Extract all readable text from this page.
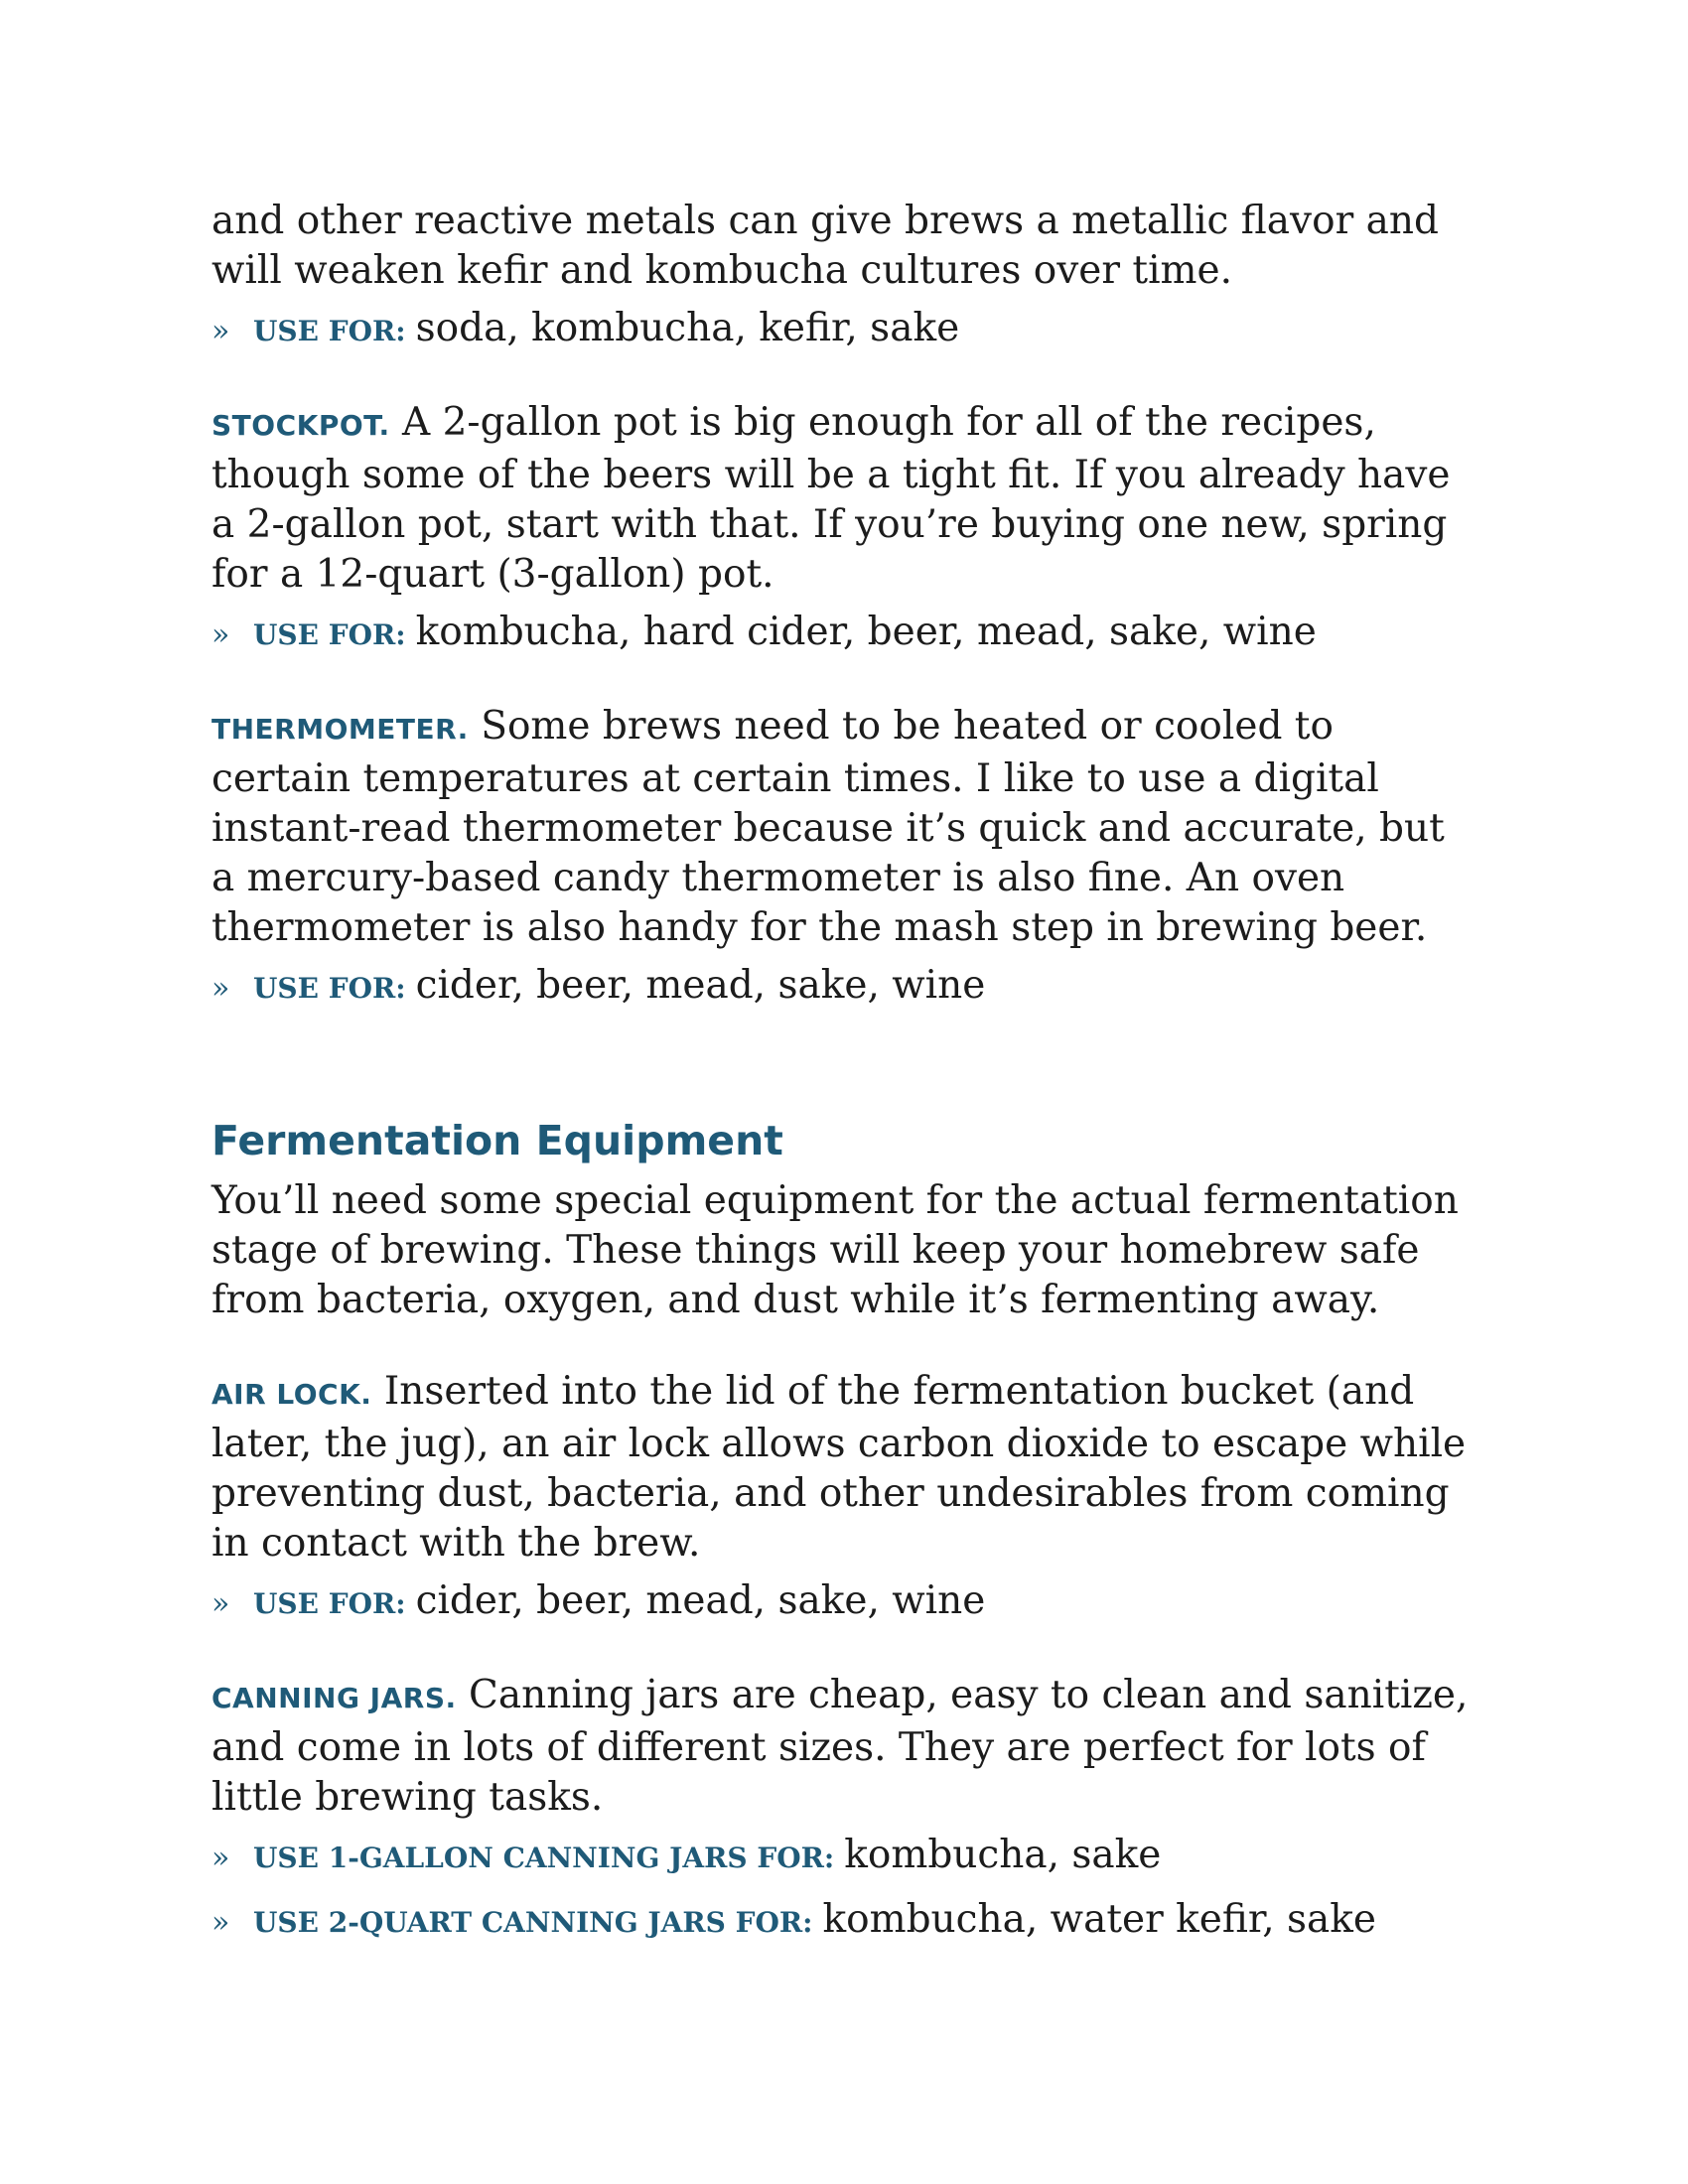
and other reactive metals can give brews a metallic flavor and will weaken kefir and kombucha cultures over time.

» USE FOR: soda, kombucha, kefir, sake

STOCKPOT. A 2-gallon pot is big enough for all of the recipes, though some of the beers will be a tight fit. If you already have a 2-gallon pot, start with that. If you’re buying one new, spring for a 12-quart (3-gallon) pot.

» USE FOR: kombucha, hard cider, beer, mead, sake, wine

THERMOMETER. Some brews need to be heated or cooled to certain temperatures at certain times. I like to use a digital instant-read thermometer because it’s quick and accurate, but a mercury-based candy thermometer is also fine. An oven thermometer is also handy for the mash step in brewing beer.

» USE FOR: cider, beer, mead, sake, wine
Fermentation Equipment

You’ll need some special equipment for the actual fermentation stage of brewing. These things will keep your homebrew safe from bacteria, oxygen, and dust while it’s fermenting away.

AIR LOCK. Inserted into the lid of the fermentation bucket (and later, the jug), an air lock allows carbon dioxide to escape while preventing dust, bacteria, and other undesirables from coming in contact with the brew.

» USE FOR: cider, beer, mead, sake, wine

CANNING JARS. Canning jars are cheap, easy to clean and sanitize, and come in lots of different sizes. They are perfect for lots of little brewing tasks.

» USE 1-GALLON CANNING JARS FOR: kombucha, sake
» USE 2-QUART CANNING JARS FOR: kombucha, water kefir, sake
